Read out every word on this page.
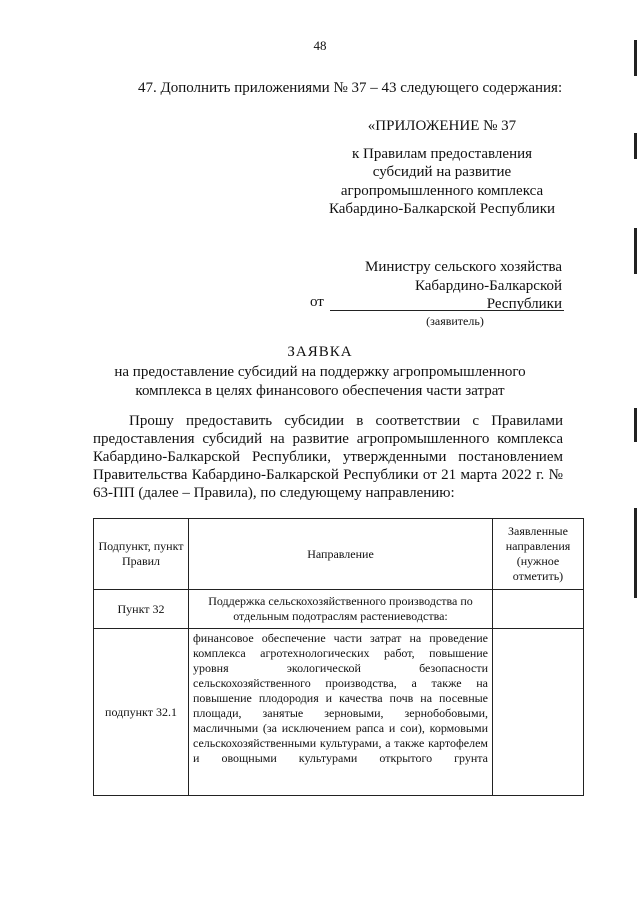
48
47. Дополнить приложениями № 37 – 43 следующего содержания:
«ПРИЛОЖЕНИЕ № 37
к Правилам предоставления
субсидий на развитие
агропромышленного комплекса
Кабардино-Балкарской Республики
Министру сельского хозяйства
Кабардино-Балкарской Республики
от
(заявитель)
ЗАЯВКА
на предоставление субсидий на поддержку агропромышленного
комплекса в целях финансового обеспечения части затрат
Прошу предоставить субсидии в соответствии с Правилами предоставления субсидий на развитие агропромышленного комплекса Кабардино-Балкарской Республики, утвержденными постановлением Правительства Кабардино-Балкарской Республики от 21 марта 2022 г. № 63-ПП (далее – Правила), по следующему направлению:
Подпункт, пункт Правил	Направление	Заявленные направления (нужное отметить)
Пункт 32	Поддержка сельскохозяйственного производства по отдельным подотраслям растениеводства:	
подпункт 32.1	финансовое обеспечение части затрат на проведение комплекса агротехнологических работ, повышение уровня экологической безопасности сельскохозяйственного производства, а также на повышение плодородия и качества почв на посевные площади, занятые зерновыми, зернобобовыми, масличными (за исключением рапса и сои), кормовыми сельскохозяйственными культурами, а также картофелем и овощными культурами открытого грунта	
